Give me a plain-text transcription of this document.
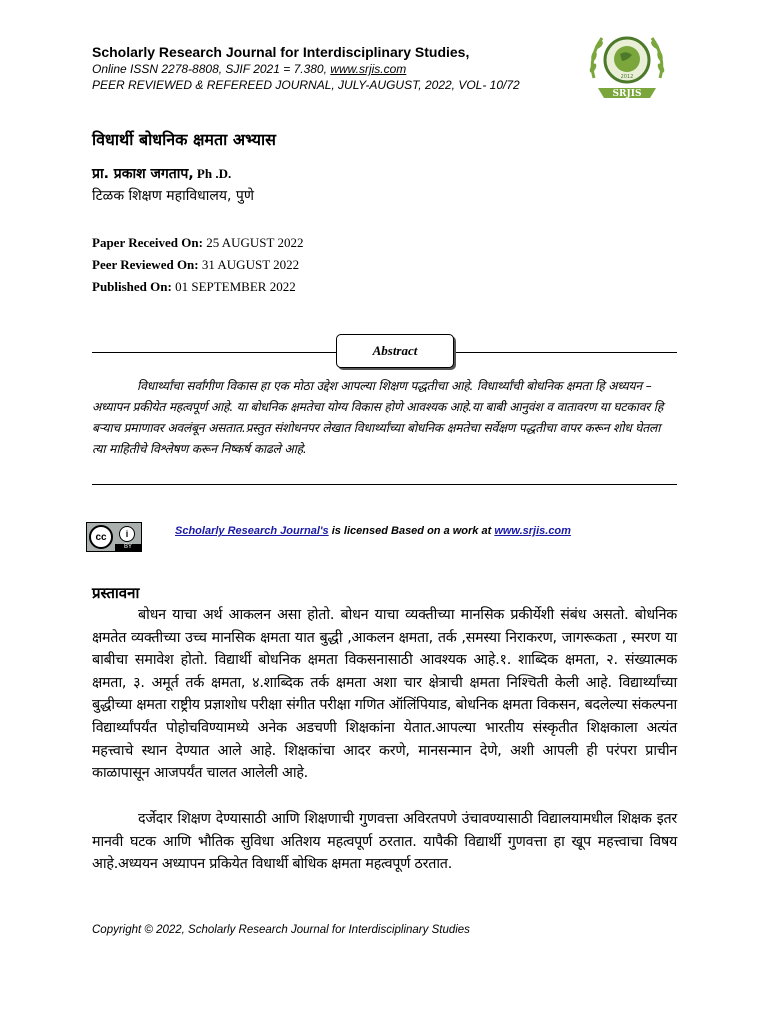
Scholarly Research Journal for Interdisciplinary Studies,

Online ISSN 2278-8808, SJIF 2021 = 7.380, www.srjis.com

PEER REVIEWED & REFEREED JOURNAL, JULY-AUGUST, 2022, VOL- 10/72

2012
SRJIS

विधार्थी बोधनिक क्षमता अभ्यास

प्रा. प्रकाश जगताप, Ph .D.

टिळक शिक्षण महाविधालय, पुणे

Paper Received On: 25 AUGUST 2022

Peer Reviewed On: 31 AUGUST 2022

Published On: 01 SEPTEMBER 2022

Abstract

विधार्थ्यांचा सर्वांगीण विकास हा एक मोठा उद्देश आपल्या शिक्षण पद्धतीचा आहे. विधार्थ्यांची बोधनिक क्षमता हि अध्ययन –अध्यापन प्रकीयेत महत्वपूर्ण आहे. या बोधनिक क्षमतेचा योग्य विकास होणे आवश्यक आहे.या बाबी आनुवंश व वातावरण या घटकावर हि बऱ्याच प्रमाणावर अवलंबून असतात.प्रस्तुत संशोधनपर लेखात विधार्थ्यांच्या बोधनिक क्षमतेचा सर्वेक्षण पद्धतीचा वापर करून शोध घेतला त्या माहितीचे विश्लेषण करून निष्कर्ष काढले आहे.

cc	i
BY

Scholarly Research Journal's is licensed Based on a work at www.srjis.com

प्रस्तावना

बोधन याचा अर्थ आकलन असा होतो. बोधन याचा व्यक्तीच्या मानसिक प्रकीर्येशी संबंध असतो. बोधनिक क्षमतेत व्यक्तीच्या उच्च मानसिक क्षमता यात बुद्धी ,आकलन क्षमता, तर्क ,समस्या निराकरण, जागरूकता , स्मरण या बाबीचा समावेश होतो. विद्यार्थी बोधनिक क्षमता विकसनासाठी आवश्यक आहे.१. शाब्दिक क्षमता, २. संख्यात्मक क्षमता, ३. अमूर्त तर्क क्षमता, ४.शाब्दिक तर्क क्षमता अशा चार क्षेत्राची क्षमता निश्चिती केली आहे. विद्यार्थ्यांच्या बुद्धीच्या क्षमता राष्ट्रीय प्रज्ञाशोध परीक्षा संगीत परीक्षा गणित ऑलिंपियाड, बोधनिक क्षमता विकसन, बदलेल्या संकल्पना विद्यार्थ्यांपर्यंत पोहोचविण्यामध्ये अनेक अडचणी शिक्षकांना येतात.आपल्या भारतीय संस्कृतीत शिक्षकाला अत्यंत महत्त्वाचे स्थान देण्यात आले आहे. शिक्षकांचा आदर करणे, मानसन्मान देणे, अशी आपली ही परंपरा प्राचीन काळापासून आजपर्यंत चालत आलेली आहे.

दर्जेदार शिक्षण देण्यासाठी आणि शिक्षणाची गुणवत्ता अविरतपणे उंचावण्यासाठी विद्यालयामधील शिक्षक इतर मानवी घटक आणि भौतिक सुविधा अतिशय महत्वपूर्ण ठरतात. यापैकी विद्यार्थी गुणवत्ता हा खूप महत्त्वाचा विषय आहे.अध्ययन अध्यापन प्रकियेत विधार्थी बोधिक क्षमता महत्वपूर्ण ठरतात.

Copyright © 2022, Scholarly Research Journal for Interdisciplinary Studies
